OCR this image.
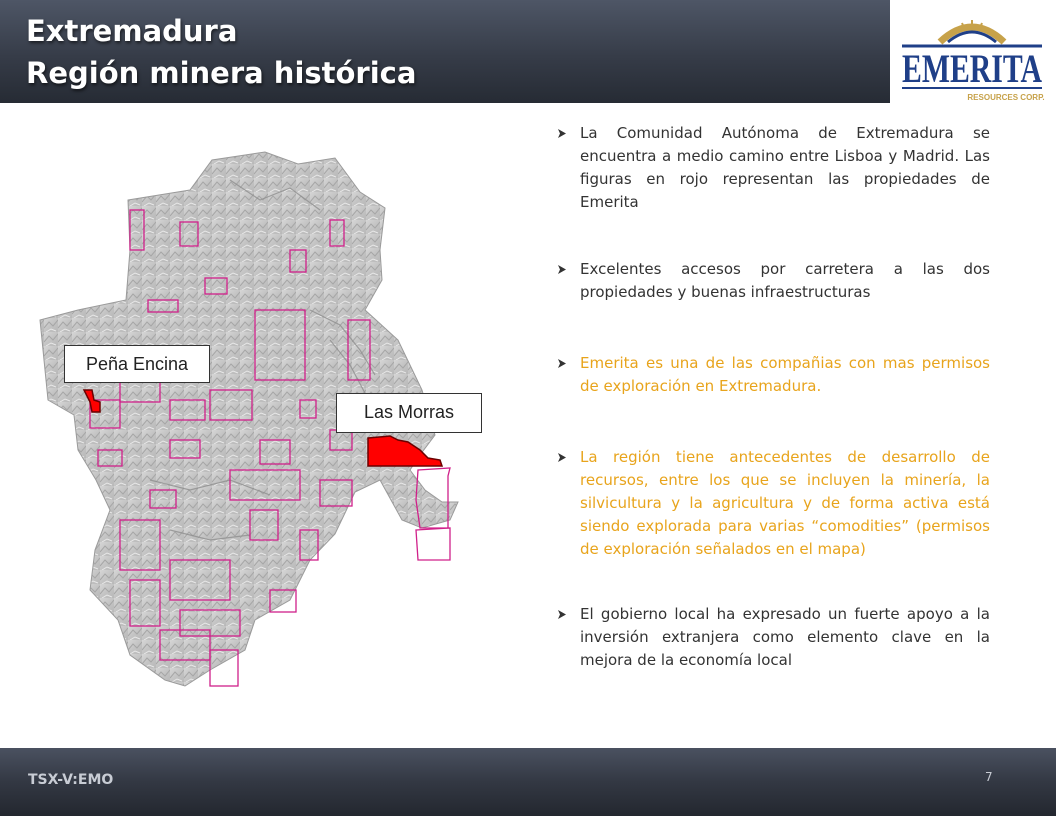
Extremadura
Región minera histórica	EMERITA
RESOURCES CORP.
Peña Encina
Las Morras
La Comunidad Autónoma de Extremadura se encuentra a medio camino entre Lisboa y Madrid. Las figuras en rojo representan las propiedades de Emerita
Excelentes accesos por carretera a las dos propiedades y buenas infraestructuras
Emerita es una de las compañias con mas permisos de exploración en Extremadura.
La región tiene antecedentes de desarrollo de recursos, entre los que se incluyen la minería, la silvicultura y la agricultura y de forma activa está siendo explorada para varias “comodities” (permisos de exploración señalados en el mapa)
El gobierno local ha expresado un fuerte apoyo a la inversión extranjera como elemento clave en la mejora de la economía local
TSX-V:EMO	7
